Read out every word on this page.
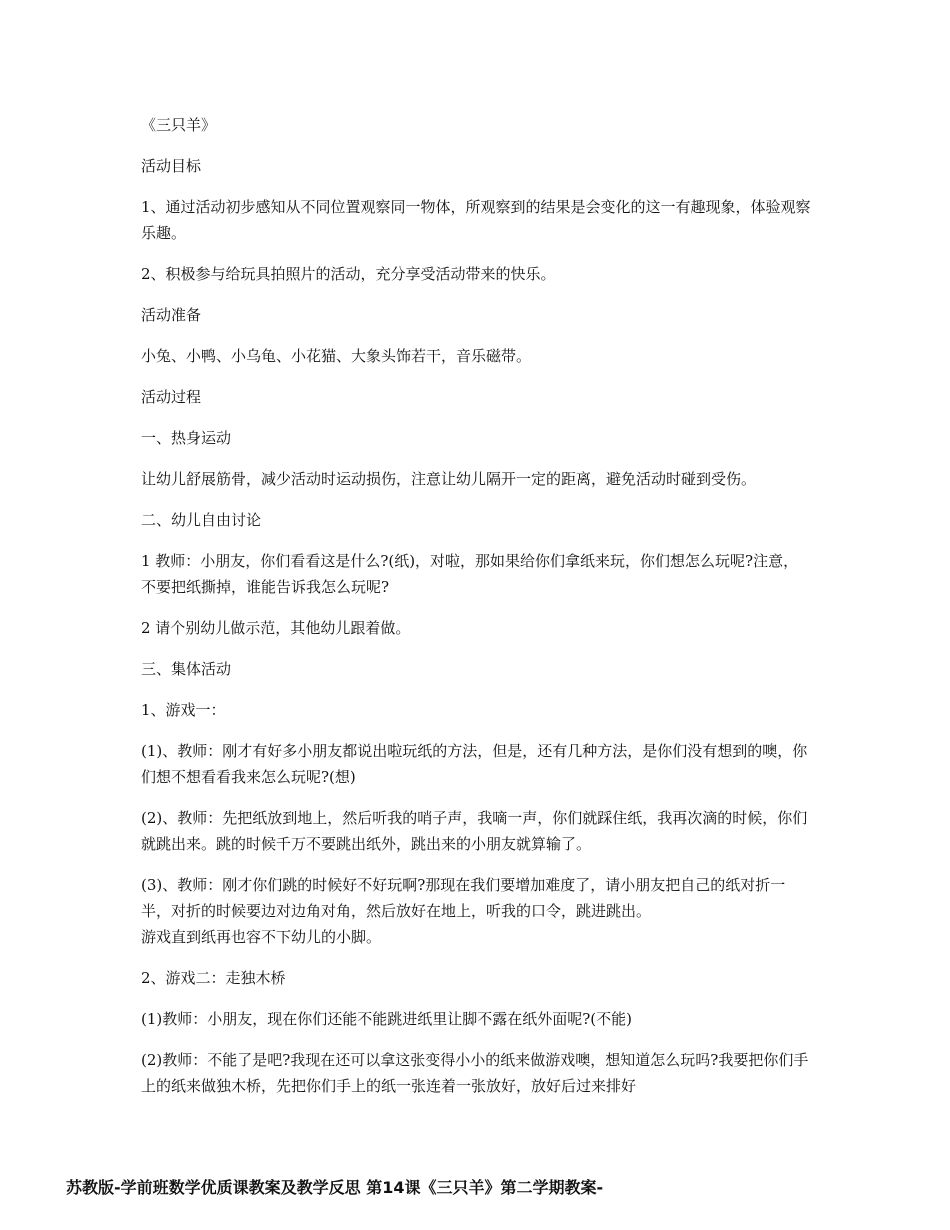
《三只羊》

活动目标

1、通过活动初步感知从不同位置观察同一物体，所观察到的结果是会变化的这一有趣现象，体验观察乐趣。

2、积极参与给玩具拍照片的活动，充分享受活动带来的快乐。

活动准备

小兔、小鸭、小乌龟、小花猫、大象头饰若干，音乐磁带。

活动过程

一、热身运动

让幼儿舒展筋骨，减少活动时运动损伤，注意让幼儿隔开一定的距离，避免活动时碰到受伤。

二、幼儿自由讨论

1 教师：小朋友，你们看看这是什么?(纸)，对啦，那如果给你们拿纸来玩，你们想怎么玩呢?注意，不要把纸撕掉，谁能告诉我怎么玩呢?

2 请个别幼儿做示范，其他幼儿跟着做。

三、集体活动

1、游戏一：

(1)、教师：刚才有好多小朋友都说出啦玩纸的方法，但是，还有几种方法，是你们没有想到的噢，你们想不想看看我来怎么玩呢?(想)

(2)、教师：先把纸放到地上，然后听我的哨子声，我嘀一声，你们就踩住纸，我再次滴的时候，你们就跳出来。跳的时候千万不要跳出纸外，跳出来的小朋友就算输了。

(3)、教师：刚才你们跳的时候好不好玩啊?那现在我们要增加难度了，请小朋友把自己的纸对折一半，对折的时候要边对边角对角，然后放好在地上，听我的口令，跳进跳出。
游戏直到纸再也容不下幼儿的小脚。

2、游戏二：走独木桥

(1)教师：小朋友，现在你们还能不能跳进纸里让脚不露在纸外面呢?(不能)

(2)教师：不能了是吧?我现在还可以拿这张变得小小的纸来做游戏噢，想知道怎么玩吗?我要把你们手上的纸来做独木桥，先把你们手上的纸一张连着一张放好，放好后过来排好

苏教版-学前班数学优质课教案及教学反思 第14课《三只羊》第二学期教案-
